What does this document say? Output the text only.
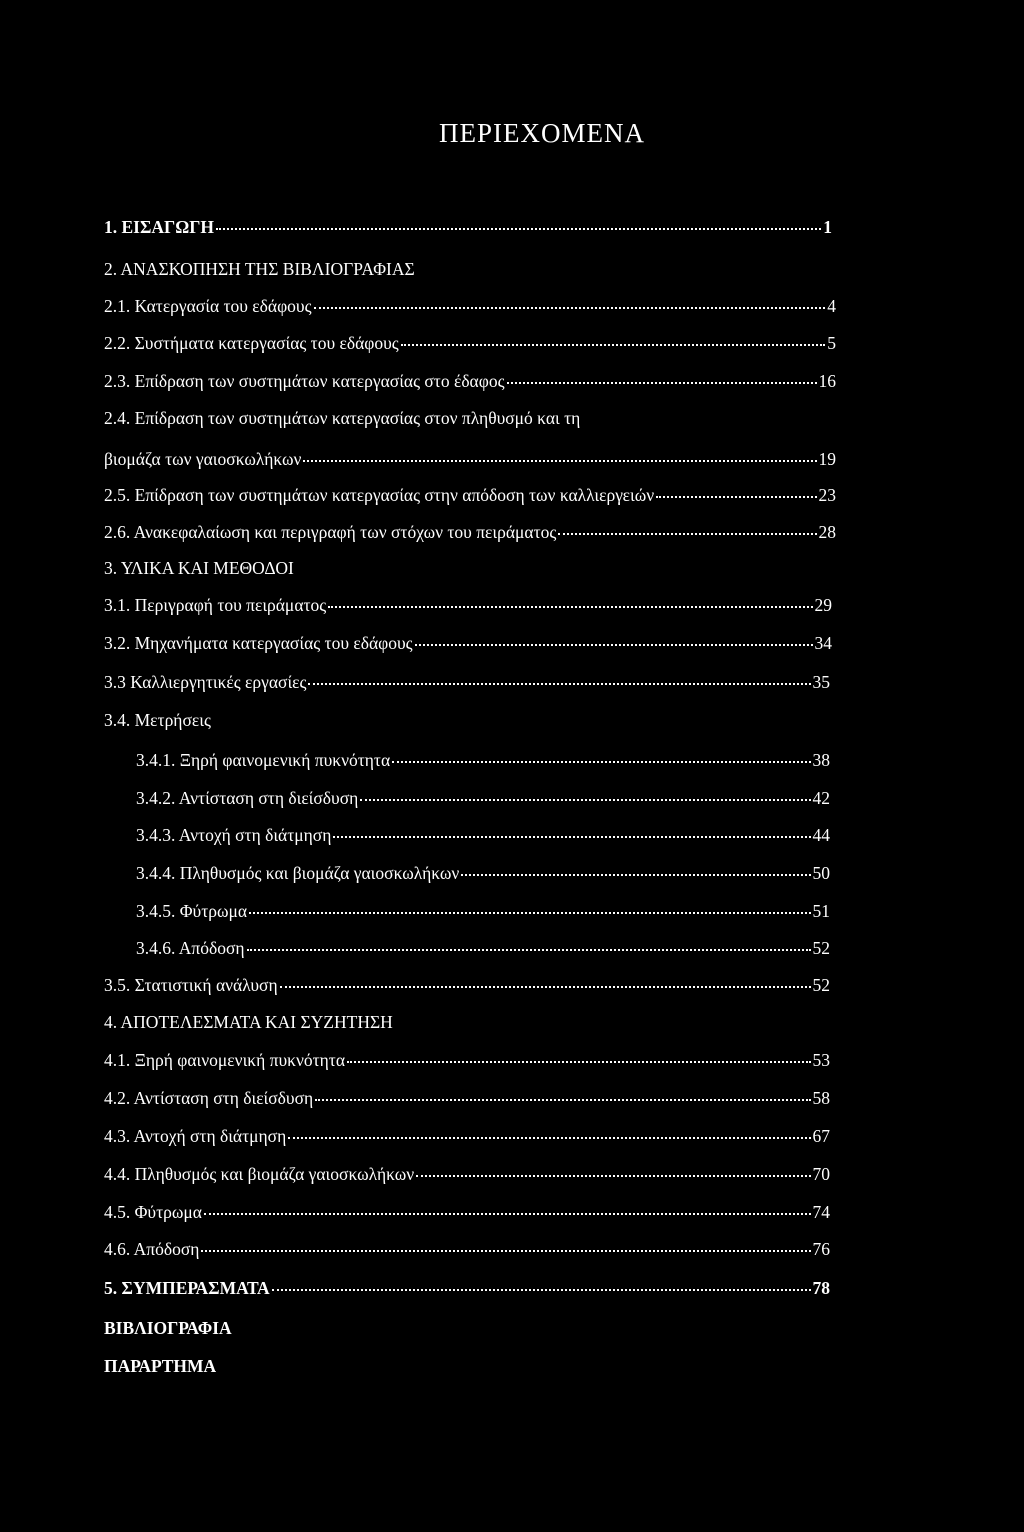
ΠΕΡΙΕΧΟΜΕΝΑ
1. ΕΙΣΑΓΩΓΗ	1
2. ΑΝΑΣΚΟΠΗΣΗ ΤΗΣ ΒΙΒΛΙΟΓΡΑΦΙΑΣ
2.1. Κατεργασία του εδάφους	4
2.2. Συστήματα κατεργασίας του εδάφους	5
2.3. Επίδραση των συστημάτων κατεργασίας στο έδαφος	16
2.4. Επίδραση των συστημάτων κατεργασίας στον πληθυσμό και τη
βιομάζα των γαιοσκωλήκων	19
2.5. Επίδραση των συστημάτων κατεργασίας στην απόδοση των καλλιεργειών	23
2.6. Ανακεφαλαίωση και περιγραφή των στόχων του πειράματος	28
3. ΥΛΙΚΑ ΚΑΙ ΜΕΘΟΔΟΙ
3.1. Περιγραφή του πειράματος	29
3.2. Μηχανήματα κατεργασίας του εδάφους	34
3.3 Καλλιεργητικές εργασίες	35
3.4. Μετρήσεις
3.4.1. Ξηρή φαινομενική πυκνότητα	38
3.4.2. Αντίσταση στη διείσδυση	42
3.4.3. Αντοχή στη διάτμηση	44
3.4.4. Πληθυσμός και βιομάζα γαιοσκωλήκων	50
3.4.5. Φύτρωμα	51
3.4.6. Απόδοση	52
3.5. Στατιστική ανάλυση	52
4. ΑΠΟΤΕΛΕΣΜΑΤΑ ΚΑΙ ΣΥΖΗΤΗΣΗ
4.1. Ξηρή φαινομενική πυκνότητα	53
4.2. Αντίσταση στη διείσδυση	58
4.3. Αντοχή στη διάτμηση	67
4.4. Πληθυσμός και βιομάζα γαιοσκωλήκων	70
4.5. Φύτρωμα	74
4.6. Απόδοση	76
5. ΣΥΜΠΕΡΑΣΜΑΤΑ	78
ΒΙΒΛΙΟΓΡΑΦΙΑ
ΠΑΡΑΡΤΗΜΑ
